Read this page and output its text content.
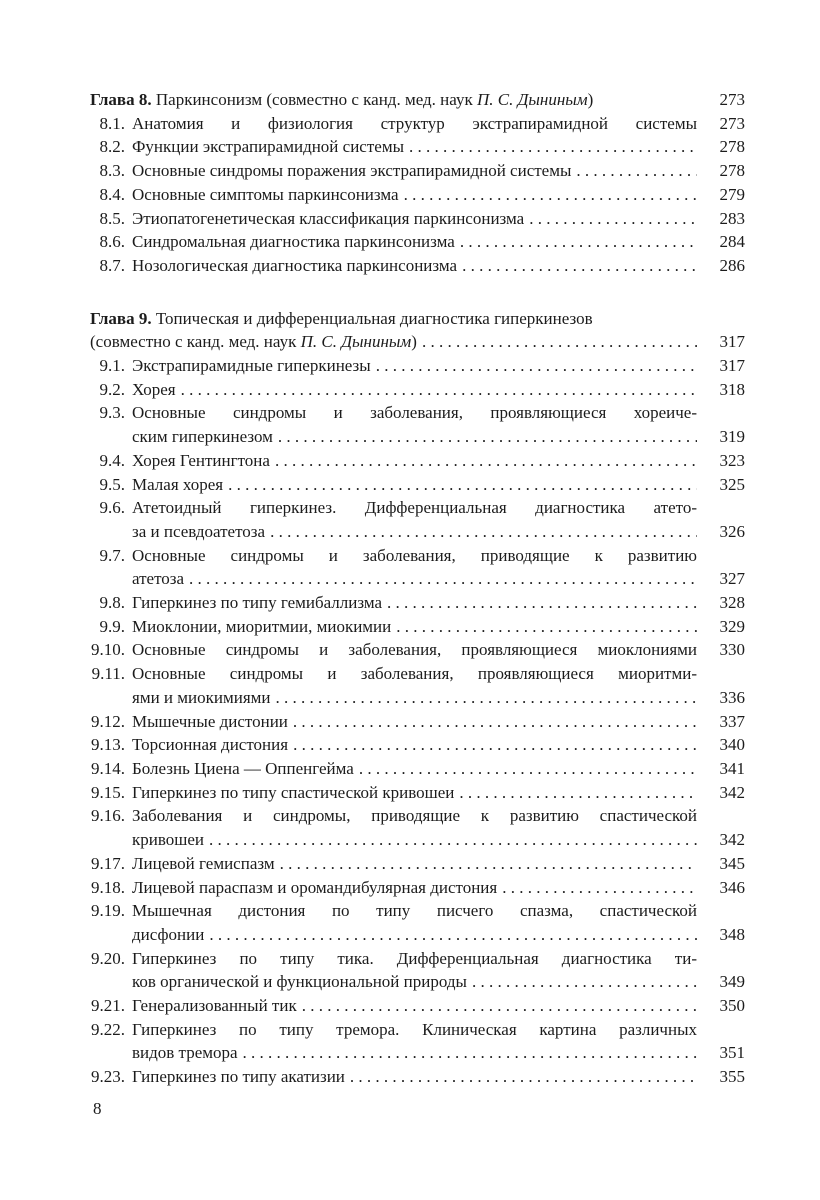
Глава 8. Паркинсонизм (совместно с канд. мед. наук П. С. Дыниным)	273
8.1. Анатомия и физиология структур экстрапирамидной системы	273
8.2. Функции экстрапирамидной системы . . .	278
8.3. Основные синдромы поражения экстрапирамидной системы . . .	278
8.4. Основные симптомы паркинсонизма . . .	279
8.5. Этиопатогенетическая классификация паркинсонизма . . .	283
8.6. Синдромальная диагностика паркинсонизма . . .	284
8.7. Нозологическая диагностика паркинсонизма . . .	286
Глава 9. Топическая и дифференциальная диагностика гиперкинезов
(совместно с канд. мед. наук П. С. Дыниным) . . .	317
9.1. Экстрапирамидные гиперкинезы . . .	317
9.2. Хорея . . .	318
9.3. Основные синдромы и заболевания, проявляющиеся хореиче-
ским гиперкинезом . . .	319
9.4. Хорея Гентингтона . . .	323
9.5. Малая хорея . . .	325
9.6. Атетоидный гиперкинез. Дифференциальная диагностика атето-
за и псевдоатетоза . . .	326
9.7. Основные синдромы и заболевания, приводящие к развитию
атетоза . . .	327
9.8. Гиперкинез по типу гемибаллизма . . .	328
9.9. Миоклонии, миоритмии, миокимии . . .	329
9.10. Основные синдромы и заболевания, проявляющиеся миоклониями	330
9.11. Основные синдромы и заболевания, проявляющиеся миоритми-
ями и миокимиями . . .	336
9.12. Мышечные дистонии . . .	337
9.13. Торсионная дистония . . .	340
9.14. Болезнь Циена — Оппенгейма . . .	341
9.15. Гиперкинез по типу спастической кривошеи . . .	342
9.16. Заболевания и синдромы, приводящие к развитию спастической
кривошеи . . .	342
9.17. Лицевой гемиспазм . . .	345
9.18. Лицевой параспазм и оромандибулярная дистония . . .	346
9.19. Мышечная дистония по типу писчего спазма, спастической
дисфонии . . .	348
9.20. Гиперкинез по типу тика. Дифференциальная диагностика ти-
ков органической и функциональной природы . . .	349
9.21. Генерализованный тик . . .	350
9.22. Гиперкинез по типу тремора. Клиническая картина различных
видов тремора . . .	351
9.23. Гиперкинез по типу акатизии . . .	355
8
